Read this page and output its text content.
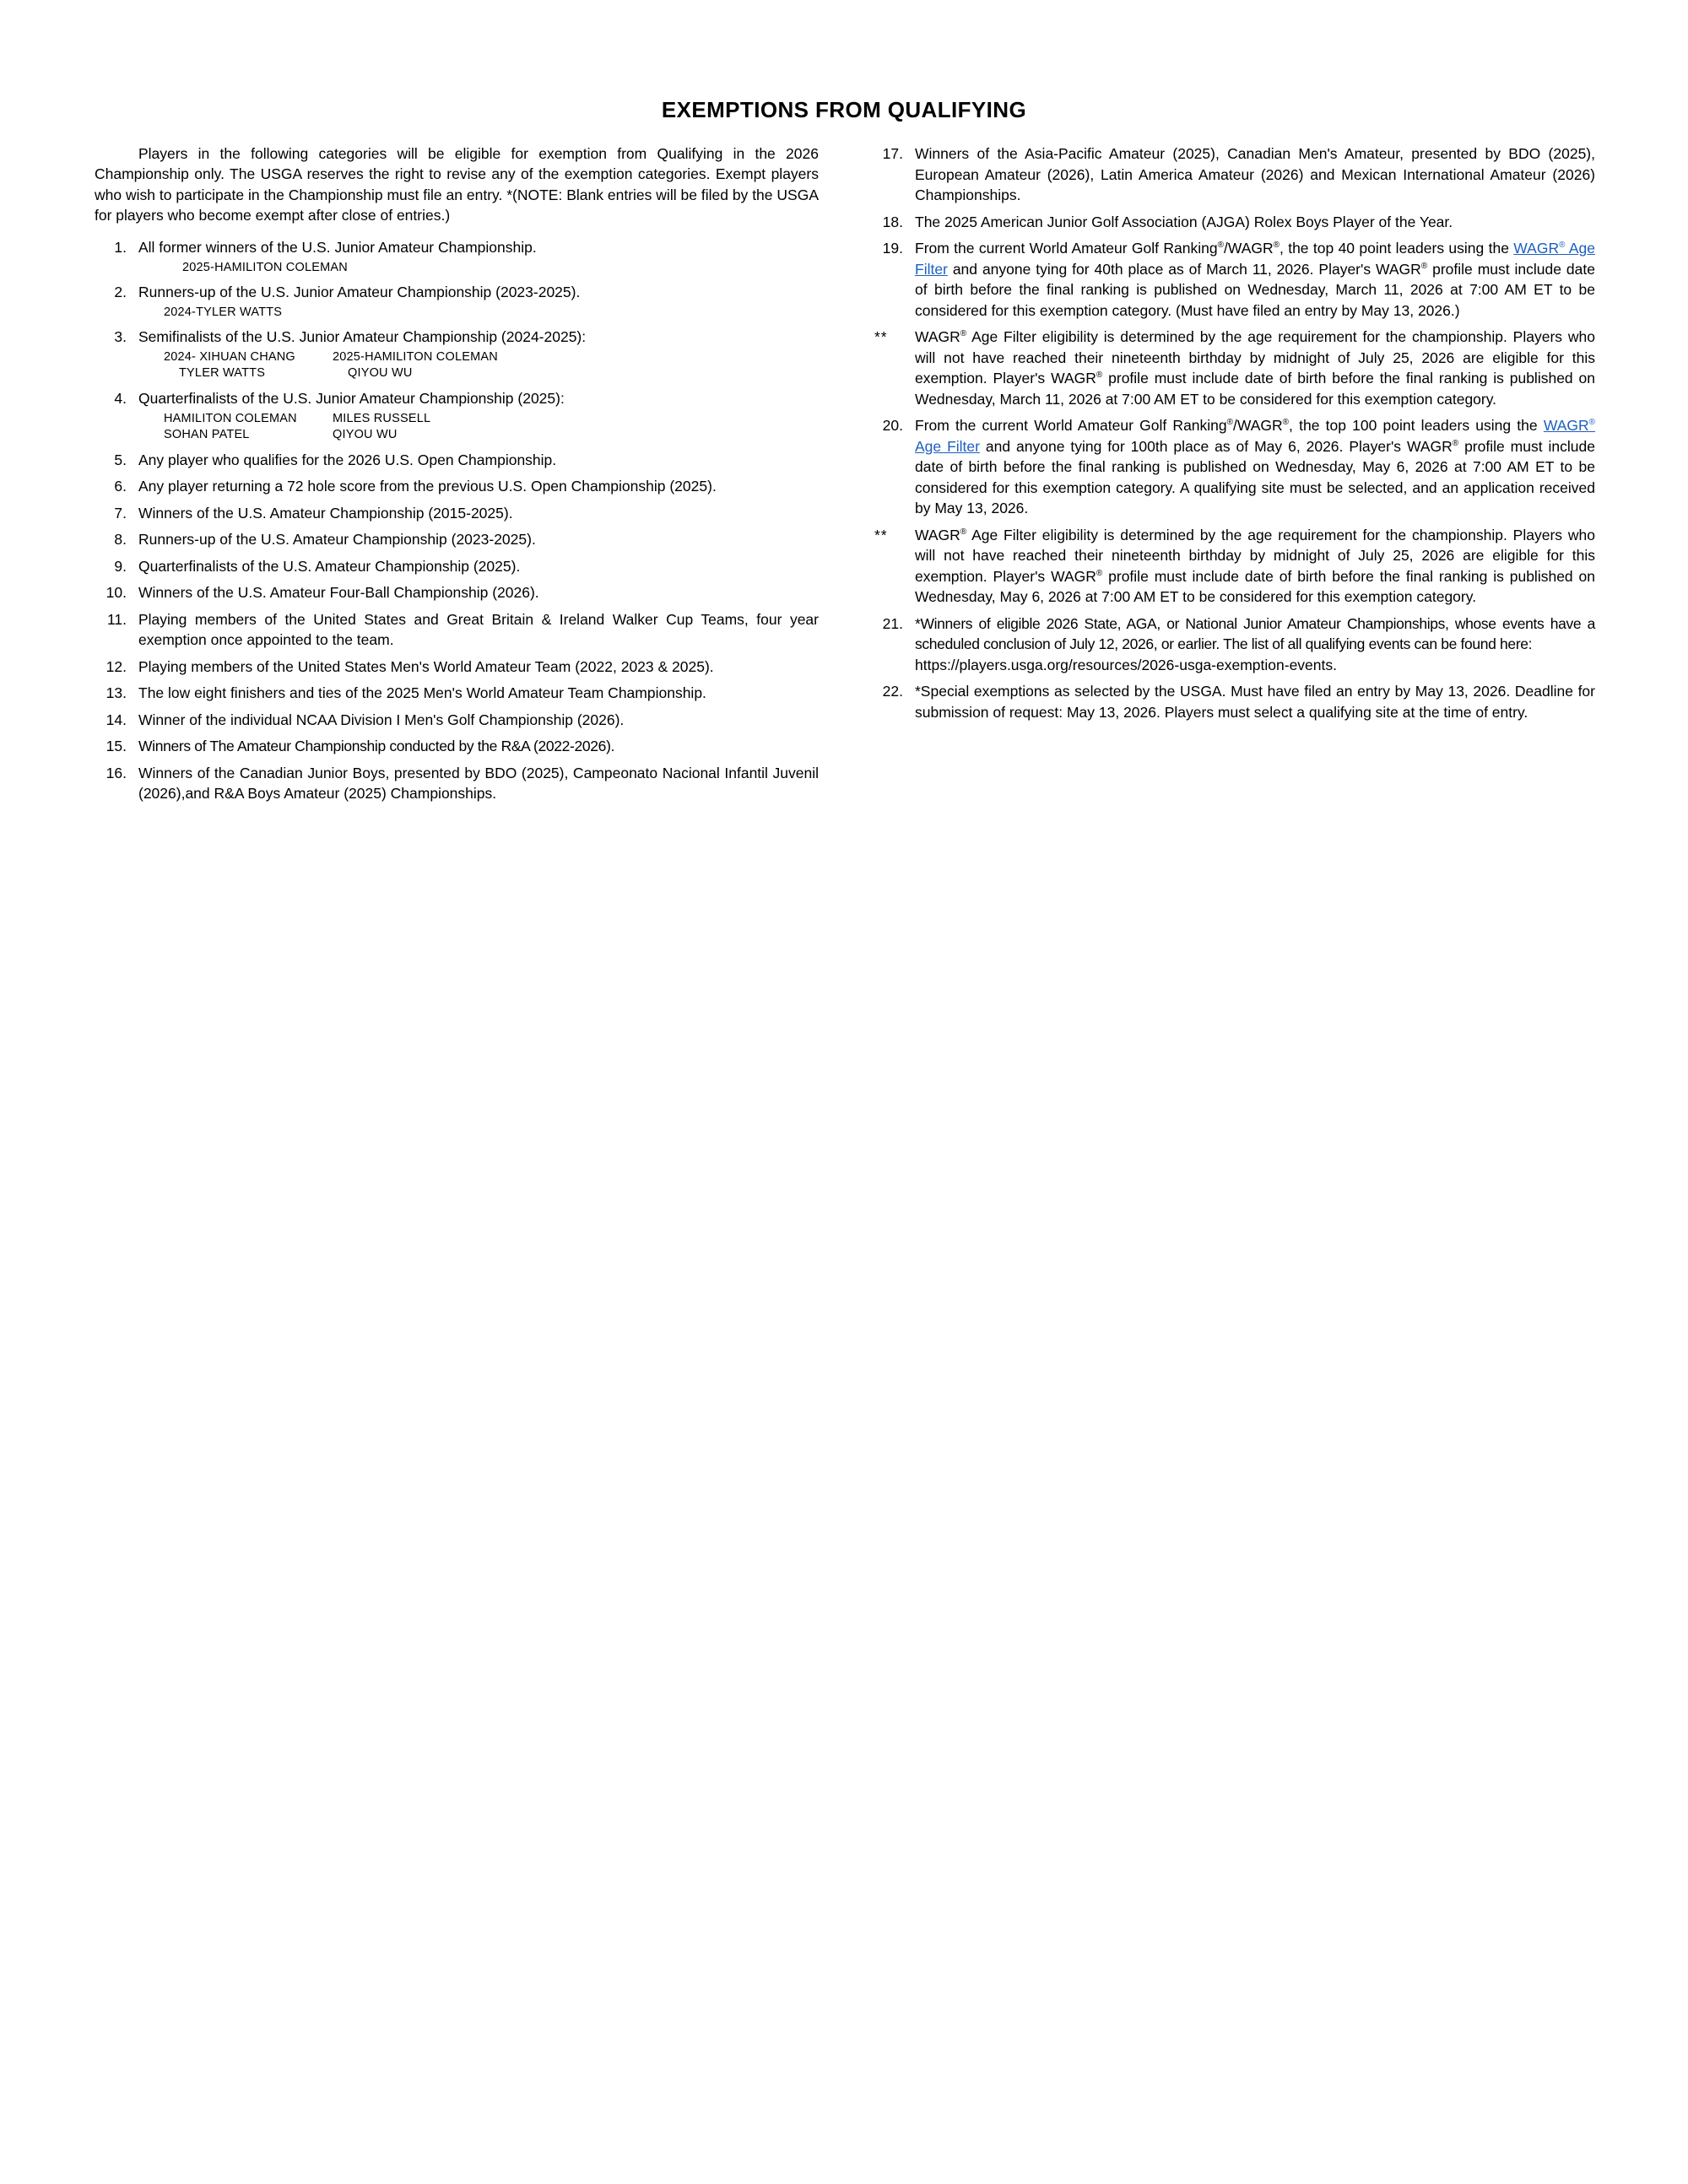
EXEMPTIONS FROM QUALIFYING

Players in the following categories will be eligible for exemption from Qualifying in the 2026 Championship only. The USGA reserves the right to revise any of the exemption categories. Exempt players who wish to participate in the Championship must file an entry. *(NOTE: Blank entries will be filed by the USGA for players who become exempt after close of entries.)

1. All former winners of the U.S. Junior Amateur Championship.
2025-HAMILITON COLEMAN
2. Runners-up of the U.S. Junior Amateur Championship (2023-2025).
2024-TYLER WATTS
3. Semifinalists of the U.S. Junior Amateur Championship (2024-2025):
2024- XIHUAN CHANG	2025-HAMILITON COLEMAN
TYLER WATTS	QIYOU WU
4. Quarterfinalists of the U.S. Junior Amateur Championship (2025):
HAMILITON COLEMAN	MILES RUSSELL
SOHAN PATEL	QIYOU WU
5. Any player who qualifies for the 2026 U.S. Open Championship.
6. Any player returning a 72 hole score from the previous U.S. Open Championship (2025).
7. Winners of the U.S. Amateur Championship (2015-2025).
8. Runners-up of the U.S. Amateur Championship (2023-2025).
9. Quarterfinalists of the U.S. Amateur Championship (2025).
10. Winners of the U.S. Amateur Four-Ball Championship (2026).
11. Playing members of the United States and Great Britain & Ireland Walker Cup Teams, four year exemption once appointed to the team.
12. Playing members of the United States Men's World Amateur Team (2022, 2023 & 2025).
13. The low eight finishers and ties of the 2025 Men's World Amateur Team Championship.
14. Winner of the individual NCAA Division I Men's Golf Championship (2026).
15. Winners of The Amateur Championship conducted by the R&A (2022-2026).
16. Winners of the Canadian Junior Boys, presented by BDO (2025), Campeonato Nacional Infantil Juvenil (2026),and R&A Boys Amateur (2025) Championships.
17. Winners of the Asia-Pacific Amateur (2025), Canadian Men's Amateur, presented by BDO (2025), European Amateur (2026), Latin America Amateur (2026) and Mexican International Amateur (2026) Championships.
18. The 2025 American Junior Golf Association (AJGA) Rolex Boys Player of the Year.
19. From the current World Amateur Golf Ranking®/WAGR®, the top 40 point leaders using the WAGR® Age Filter and anyone tying for 40th place as of March 11, 2026. Player's WAGR® profile must include date of birth before the final ranking is published on Wednesday, March 11, 2026 at 7:00 AM ET to be considered for this exemption category. (Must have filed an entry by May 13, 2026.)
**	WAGR® Age Filter eligibility is determined by the age requirement for the championship. Players who will not have reached their nineteenth birthday by midnight of July 25, 2026 are eligible for this exemption. Player's WAGR® profile must include date of birth before the final ranking is published on Wednesday, March 11, 2026 at 7:00 AM ET to be considered for this exemption category.
20. From the current World Amateur Golf Ranking®/WAGR®, the top 100 point leaders using the WAGR® Age Filter and anyone tying for 100th place as of May 6, 2026. Player's WAGR® profile must include date of birth before the final ranking is published on Wednesday, May 6, 2026 at 7:00 AM ET to be considered for this exemption category. A qualifying site must be selected, and an application received by May 13, 2026.
**	WAGR® Age Filter eligibility is determined by the age requirement for the championship. Players who will not have reached their nineteenth birthday by midnight of July 25, 2026 are eligible for this exemption. Player's WAGR® profile must include date of birth before the final ranking is published on Wednesday, May 6, 2026 at 7:00 AM ET to be considered for this exemption category.
21. *Winners of eligible 2026 State, AGA, or National Junior Amateur Championships, whose events have a scheduled conclusion of July 12, 2026, or earlier. The list of all qualifying events can be found here:
https://players.usga.org/resources/2026-usga-exemption-events.
22. *Special exemptions as selected by the USGA. Must have filed an entry by May 13, 2026. Deadline for submission of request: May 13, 2026. Players must select a qualifying site at the time of entry.
